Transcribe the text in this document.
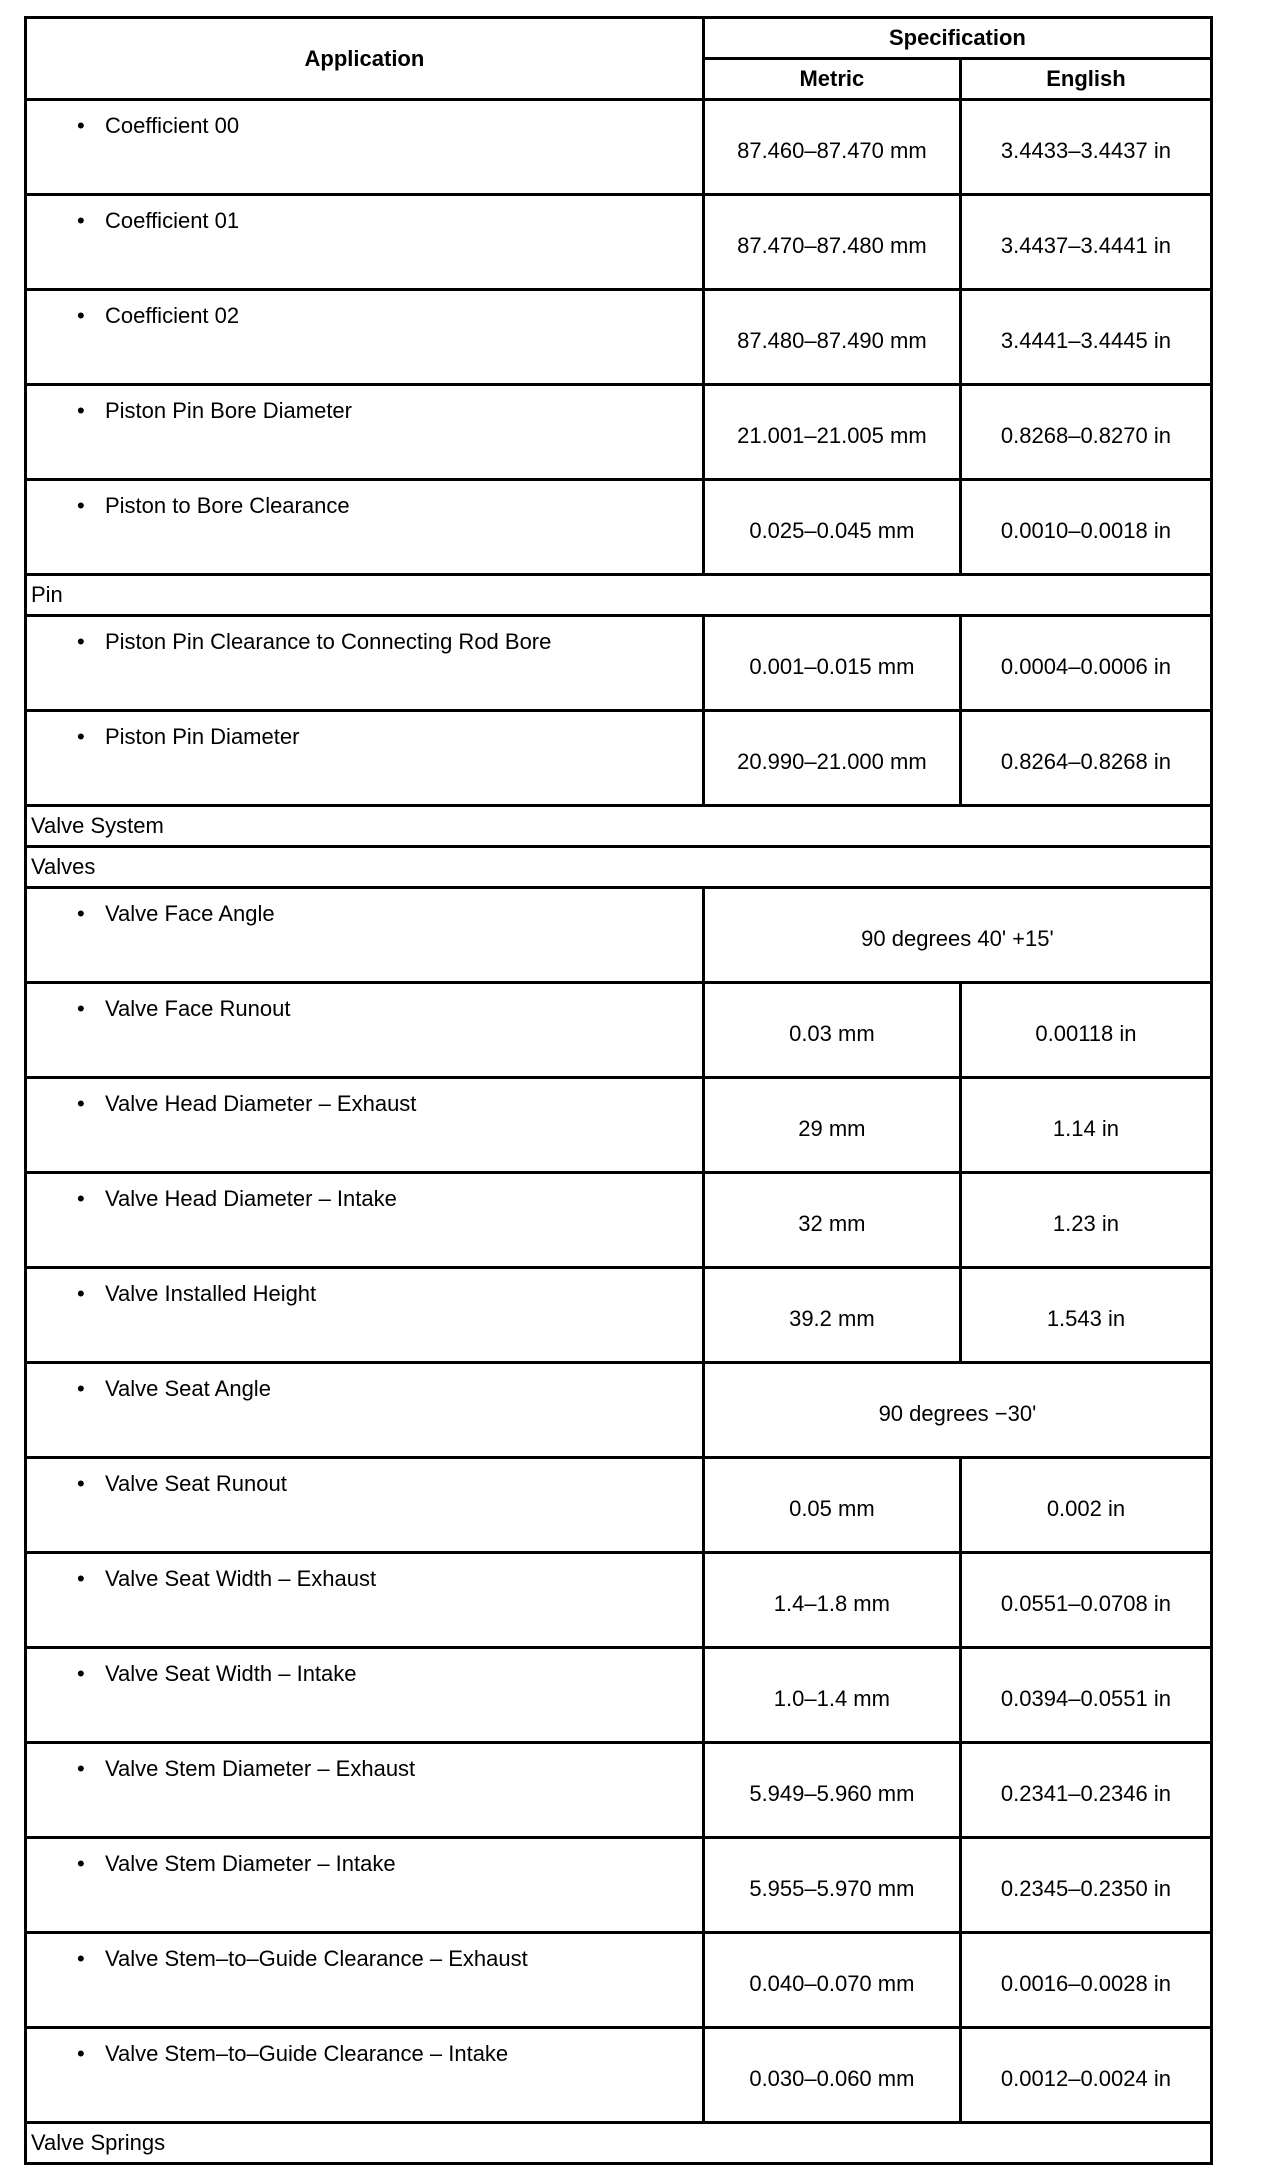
Application	Specification	
	Metric	English
• Coefficient 00	87.460–87.470 mm	3.4433–3.4437 in
• Coefficient 01	87.470–87.480 mm	3.4437–3.4441 in
• Coefficient 02	87.480–87.490 mm	3.4441–3.4445 in
• Piston Pin Bore Diameter	21.001–21.005 mm	0.8268–0.8270 in
• Piston to Bore Clearance	0.025–0.045 mm	0.0010–0.0018 in
Pin		
• Piston Pin Clearance to Connecting Rod Bore	0.001–0.015 mm	0.0004–0.0006 in
• Piston Pin Diameter	20.990–21.000 mm	0.8264–0.8268 in
Valve System		
Valves		
• Valve Face Angle	90 degrees 40' +15'	
• Valve Face Runout	0.03 mm	0.00118 in
• Valve Head Diameter – Exhaust	29 mm	1.14 in
• Valve Head Diameter – Intake	32 mm	1.23 in
• Valve Installed Height	39.2 mm	1.543 in
• Valve Seat Angle	90 degrees −30'	
• Valve Seat Runout	0.05 mm	0.002 in
• Valve Seat Width – Exhaust	1.4–1.8 mm	0.0551–0.0708 in
• Valve Seat Width – Intake	1.0–1.4 mm	0.0394–0.0551 in
• Valve Stem Diameter – Exhaust	5.949–5.960 mm	0.2341–0.2346 in
• Valve Stem Diameter – Intake	5.955–5.970 mm	0.2345–0.2350 in
• Valve Stem–to–Guide Clearance – Exhaust	0.040–0.070 mm	0.0016–0.0028 in
• Valve Stem–to–Guide Clearance – Intake	0.030–0.060 mm	0.0012–0.0024 in
Valve Springs		
